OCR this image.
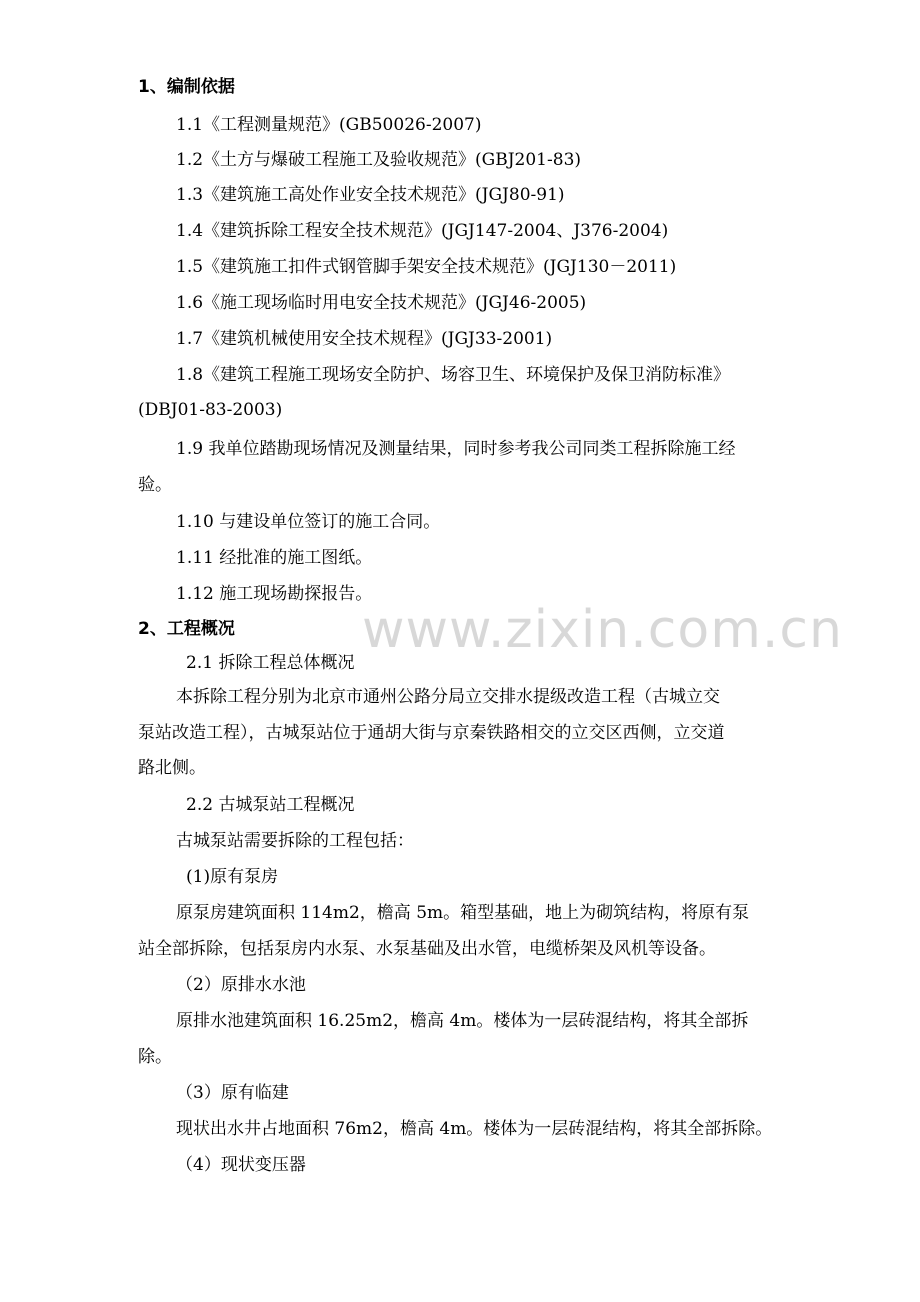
www.zixin.com.cn
1、编制依据
1.1《工程测量规范》(GB50026-2007)
1.2《土方与爆破工程施工及验收规范》(GBJ201-83)
1.3《建筑施工高处作业安全技术规范》(JGJ80-91)
1.4《建筑拆除工程安全技术规范》(JGJ147-2004、J376-2004)
1.5《建筑施工扣件式钢管脚手架安全技术规范》(JGJ130－2011)
1.6《施工现场临时用电安全技术规范》(JGJ46-2005)
1.7《建筑机械使用安全技术规程》(JGJ33-2001)
1.8《建筑工程施工现场安全防护、场容卫生、环境保护及保卫消防标准》
(DBJ01-83-2003)
1.9 我单位踏勘现场情况及测量结果，同时参考我公司同类工程拆除施工经
验。
1.10 与建设单位签订的施工合同。
1.11 经批准的施工图纸。
1.12 施工现场勘探报告。
2、工程概况
2.1 拆除工程总体概况
本拆除工程分别为北京市通州公路分局立交排水提级改造工程（古城立交
泵站改造工程），古城泵站位于通胡大街与京秦铁路相交的立交区西侧，立交道
路北侧。
2.2 古城泵站工程概况
古城泵站需要拆除的工程包括：
(1)原有泵房
原泵房建筑面积 114m2，檐高 5m。箱型基础，地上为砌筑结构，将原有泵
站全部拆除，包括泵房内水泵、水泵基础及出水管，电缆桥架及风机等设备。
（2）原排水水池
原排水池建筑面积 16.25m2，檐高 4m。楼体为一层砖混结构，将其全部拆
除。
（3）原有临建
现状出水井占地面积 76m2，檐高 4m。楼体为一层砖混结构，将其全部拆除。
（4）现状变压器
